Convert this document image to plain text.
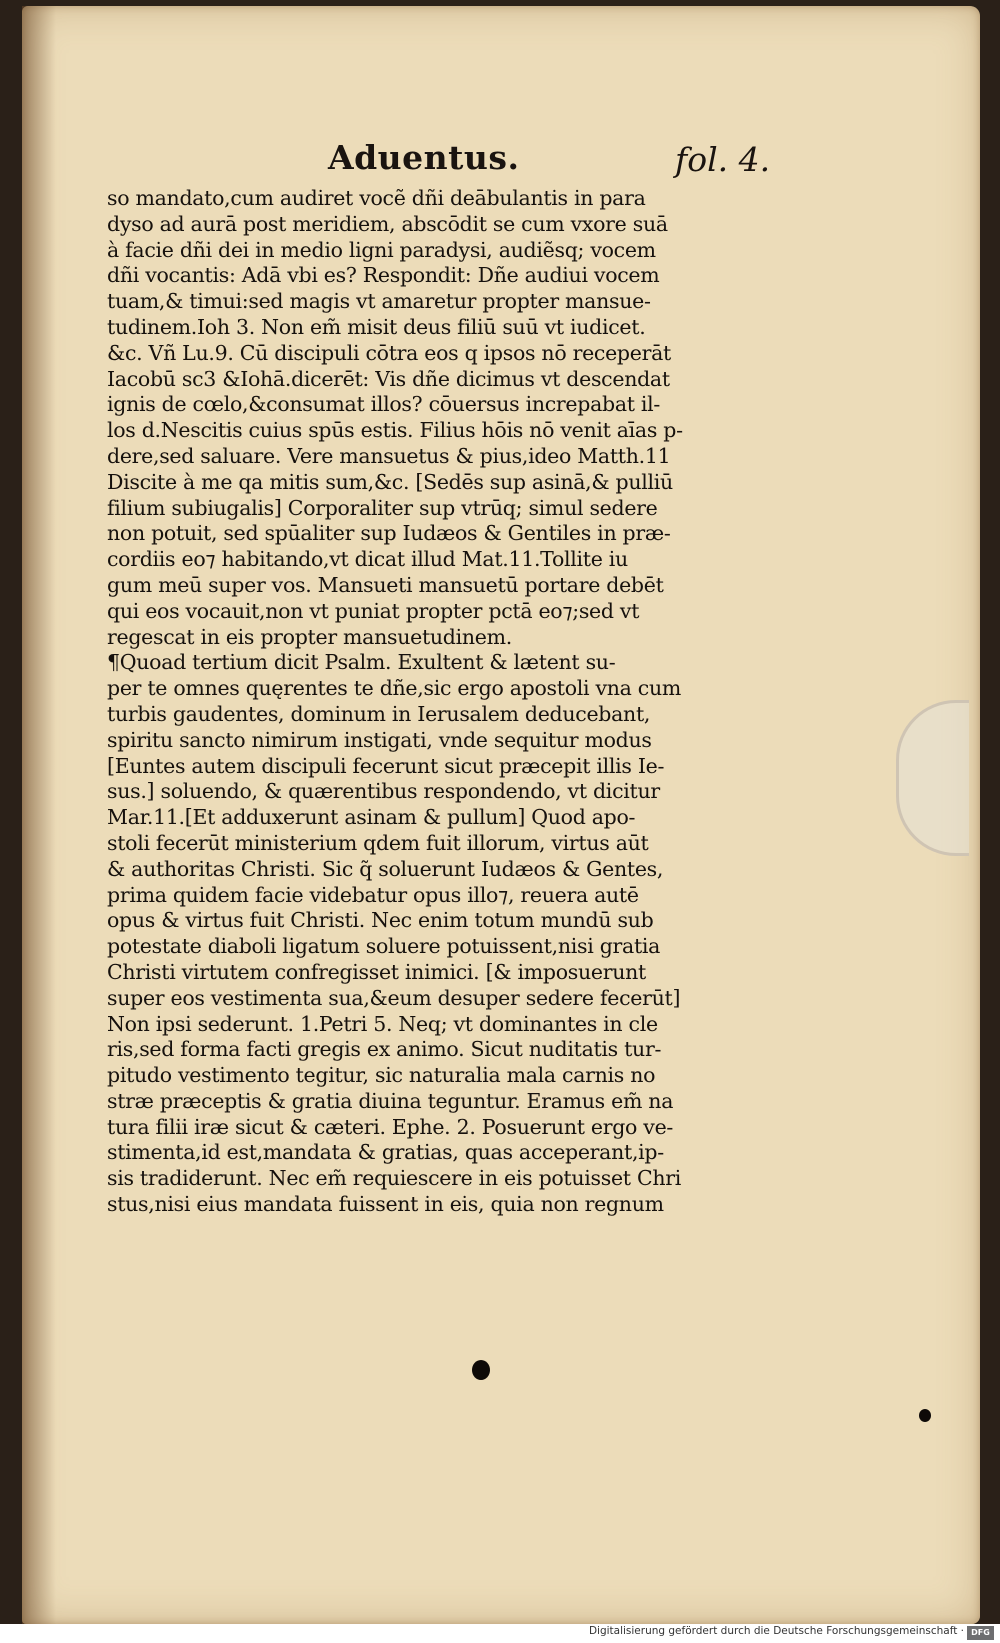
Aduentus.	fol. 4.
so mandato,cum audiret vocẽ dñi deābulantis in para
dyso ad aurā post meridiem, abscōdit se cum vxore suā
à facie dñi dei in medio ligni paradysi, audiẽsq; vocem
dñi vocantis: Adā vbi es? Respondit: Dñe audiui vocem
tuam,& timui:sed magis vt amaretur propter mansue-
tudinem.Ioh 3. Non em̃ misit deus filiū suū vt iudicet.
&c. Vñ Lu.9. Cū discipuli cōtra eos q ipsos nō receperāt
Iacobū sc3 &Iohā.dicerēt: Vis dñe dicimus vt descendat
ignis de cœlo,&consumat illos? cōuersus increpabat il-
los d.Nescitis cuius spūs estis. Filius hōis nō venit aīas p-
dere,sed saluare. Vere mansuetus & pius,ideo Matth.11
Discite à me qa mitis sum,&c. [Sedēs sup asinā,& pulliū
filium subiugalis] Corporaliter sup vtrūq; simul sedere
non potuit, sed spūaliter sup Iudæos & Gentiles in præ-
cordiis eo⁊ habitando,vt dicat illud Mat.11.Tollite iu
gum meū super vos. Mansueti mansuetū portare debēt
qui eos vocauit,non vt puniat propter pctā eo⁊;sed vt
regescat in eis propter mansuetudinem.
¶Quoad tertium dicit Psalm. Exultent & lætent su-
per te omnes quęrentes te dñe,sic ergo apostoli vna cum
turbis gaudentes, dominum in Ierusalem deducebant,
spiritu sancto nimirum instigati, vnde sequitur modus
[Euntes autem discipuli fecerunt sicut præcepit illis Ie-
sus.] soluendo, & quærentibus respondendo, vt dicitur
Mar.11.[Et adduxerunt asinam & pullum] Quod apo-
stoli fecerūt ministerium qdem fuit illorum, virtus aūt
& authoritas Christi. Sic q̃ soluerunt Iudæos & Gentes,
prima quidem facie videbatur opus illo⁊, reuera autē
opus & virtus fuit Christi. Nec enim totum mundū sub
potestate diaboli ligatum soluere potuissent,nisi gratia
Christi virtutem confregisset inimici. [& imposuerunt
super eos vestimenta sua,&eum desuper sedere fecerūt]
Non ipsi sederunt. 1.Petri 5. Neq; vt dominantes in cle
ris,sed forma facti gregis ex animo. Sicut nuditatis tur-
pitudo vestimento tegitur, sic naturalia mala carnis no
stræ præceptis & gratia diuina teguntur. Eramus em̃ na
tura filii iræ sicut & cæteri. Ephe. 2. Posuerunt ergo ve-
stimenta,id est,mandata & gratias, quas acceperant,ip-
sis tradiderunt. Nec em̃ requiescere in eis potuisset Chri
stus,nisi eius mandata fuissent in eis, quia non regnum
Digitalisierung gefördert durch die Deutsche Forschungsgemeinschaft · DFG
